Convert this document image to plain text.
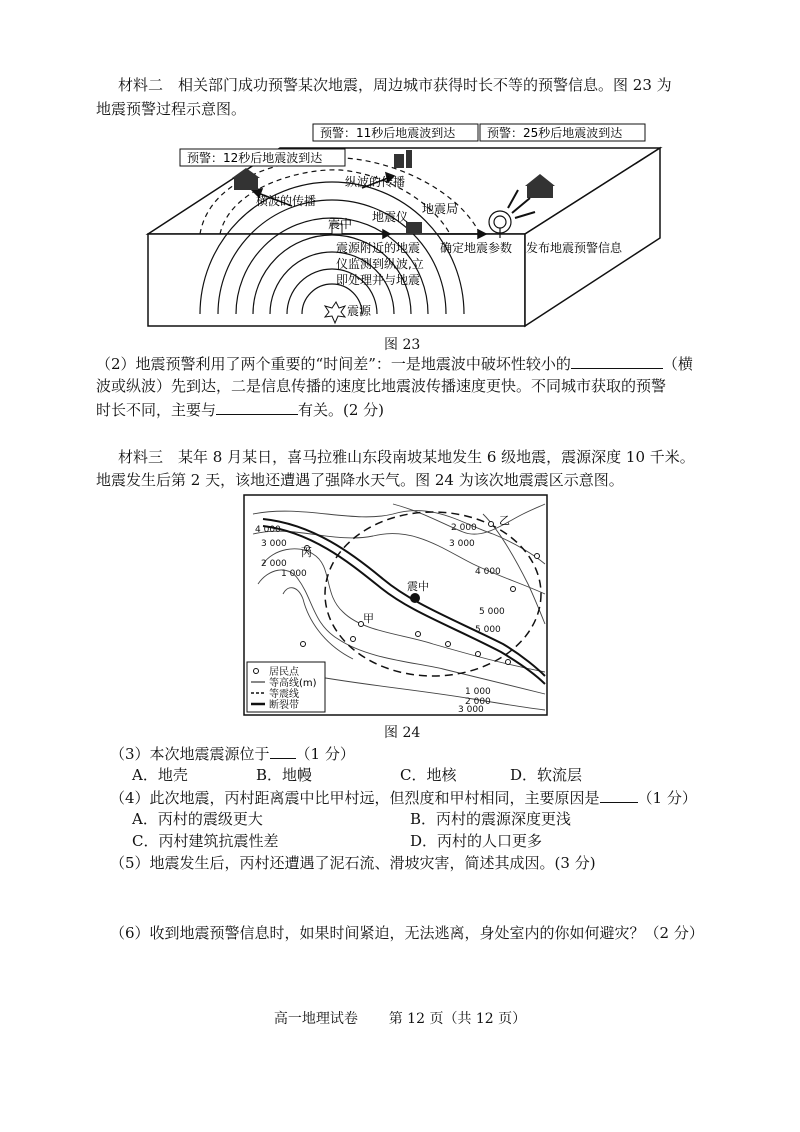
材料二　相关部门成功预警某次地震，周边城市获得时长不等的预警信息。图 23 为
地震预警过程示意图。
预警：12秒后地震波到达
预警：11秒后地震波到达	预警：25秒后地震波到达
纵波的传播
横波的传播
震中 地震仪
地震局
震源附近的地震
仪监测到纵波,立
即处理并与地震
确定地震参数 发布地震预警信息
震源
图 23
（2）地震预警利用了两个重要的“时间差”：一是地震波中破坏性较小的	（横
波或纵波）先到达，二是信息传播的速度比地震波传播速度更快。不同城市获取的预警
时长不同，主要与	有关。(2 分)
材料三　某年 8 月某日，喜马拉雅山东段南坡某地发生 6 级地震，震源深度 10 千米。
地震发生后第 2 天，该地还遭遇了强降水天气。图 24 为该次地震震区示意图。
4 000
3 000
2 000
1 000
2 000
3 000
4 000
5 000
5 000
1 000
2 000
3 000
丙
甲
乙
震中
居民点
等高线(m)
等震线
断裂带
图 24
（3）本次地震震源位于 （1 分）
A．地壳	B．地幔	C．地核	D．软流层
（4）此次地震，丙村距离震中比甲村远，但烈度和甲村相同，主要原因是	（1 分）
A．丙村的震级更大	B．丙村的震源深度更浅
C．丙村建筑抗震性差	D．丙村的人口更多
（5）地震发生后，丙村还遭遇了泥石流、滑坡灾害，简述其成因。(3 分)
（6）收到地震预警信息时，如果时间紧迫，无法逃离，身处室内的你如何避灾？（2 分）
高一地理试卷 第 12 页（共 12 页）
